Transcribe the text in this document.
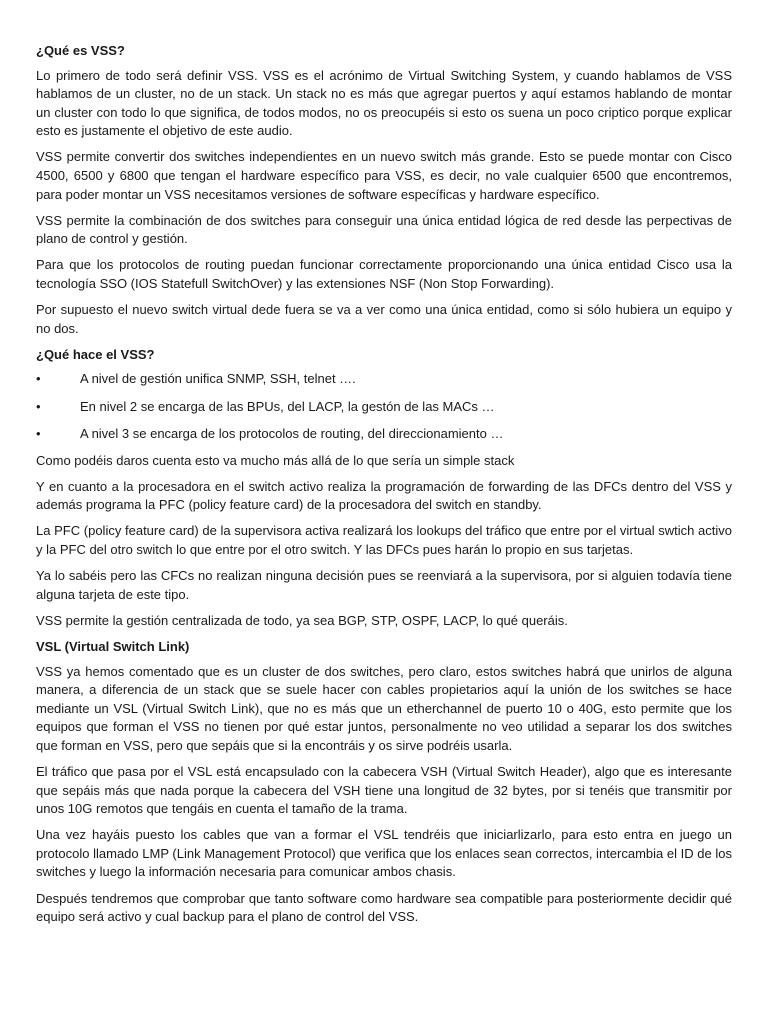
¿Qué es VSS?

Lo primero de todo será definir VSS. VSS es el acrónimo de Virtual Switching System, y cuando hablamos de VSS hablamos de un cluster, no de un stack. Un stack no es más que agregar puertos y aquí estamos hablando de montar un cluster con todo lo que significa, de todos modos, no os preocupéis si esto os suena un poco criptico porque explicar esto es justamente el objetivo de este audio.

VSS permite convertir dos switches independientes en un nuevo switch más grande. Esto se puede montar con Cisco 4500, 6500 y 6800 que tengan el hardware específico para VSS, es decir, no vale cualquier 6500 que encontremos, para poder montar un VSS necesitamos versiones de software específicas y hardware específico.

VSS permite la combinación de dos switches para conseguir una única entidad lógica de red desde las perpectivas de plano de control y gestión.

Para que los protocolos de routing puedan funcionar correctamente proporcionando una única entidad Cisco usa la tecnología SSO (IOS Statefull SwitchOver) y las extensiones NSF (Non Stop Forwarding).

Por supuesto el nuevo switch virtual dede fuera se va a ver como una única entidad, como si sólo hubiera un equipo y no dos.

¿Qué hace el VSS?
•	A nivel de gestión unifica SNMP, SSH, telnet ….
•	En nivel 2 se encarga de las BPUs, del LACP, la gestón de las MACs …
•	A nivel 3 se encarga de los protocolos de routing, del direccionamiento …

Como podéis daros cuenta esto va mucho más allá de lo que sería un simple stack

Y en cuanto a la procesadora en el switch activo realiza la programación de forwarding de las DFCs dentro del VSS y además programa la PFC (policy feature card) de la procesadora del switch en standby.

La PFC (policy feature card) de la supervisora activa realizará los lookups del tráfico que entre por el virtual swtich activo y la PFC del otro switch lo que entre por el otro switch. Y las DFCs pues harán lo propio en sus tarjetas.

Ya lo sabéis pero las CFCs no realizan ninguna decisión pues se reenviará a la supervisora, por si alguien todavía tiene alguna tarjeta de este tipo.

VSS permite la gestión centralizada de todo, ya sea BGP, STP, OSPF, LACP, lo qué queráis.

VSL (Virtual Switch Link)

VSS ya hemos comentado que es un cluster de dos switches, pero claro, estos switches habrá que unirlos de alguna manera, a diferencia de un stack que se suele hacer con cables propietarios aquí la unión de los switches se hace mediante un VSL (Virtual Switch Link), que no es más que un etherchannel de puerto 10 o 40G, esto permite que los equipos que forman el VSS no tienen por qué estar juntos, personalmente no veo utilidad a separar los dos switches que forman en VSS, pero que sepáis que si la encontráis y os sirve podréis usarla.

El tráfico que pasa por el VSL está encapsulado con la cabecera VSH (Virtual Switch Header), algo que es interesante que sepáis más que nada porque la cabecera del VSH tiene una longitud de 32 bytes, por si tenéis que transmitir por unos 10G remotos que tengáis en cuenta el tamaño de la trama.

Una vez hayáis puesto los cables que van a formar el VSL tendréis que iniciarlizarlo, para esto entra en juego un protocolo llamado LMP (Link Management Protocol) que verifica que los enlaces sean correctos, intercambia el ID de los switches y luego la información necesaria para comunicar ambos chasis.

Después tendremos que comprobar que tanto software como hardware sea compatible para posteriormente decidir qué equipo será activo y cual backup para el plano de control del VSS.
